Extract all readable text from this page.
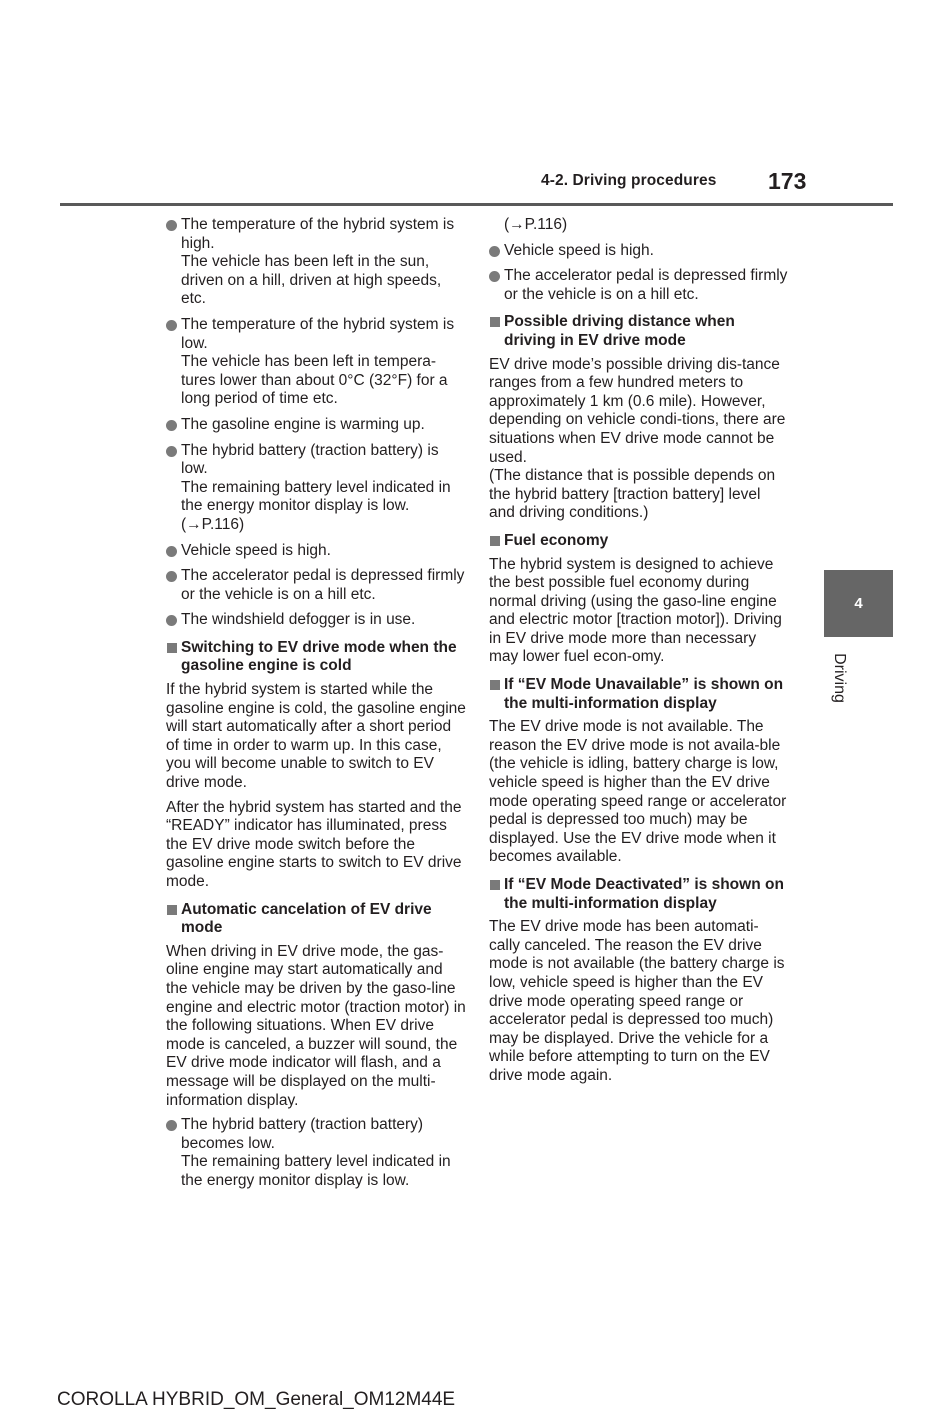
4-2. Driving procedures 173

The temperature of the hybrid system is high.

The vehicle has been left in the sun, driven on a hill, driven at high speeds, etc.

The temperature of the hybrid system is low.

The vehicle has been left in tempera-tures lower than about 0°C (32°F) for a long period of time etc.

The gasoline engine is warming up.

The hybrid battery (traction battery) is low.

The remaining battery level indicated in the energy monitor display is low. (→P.116)

Vehicle speed is high.

The accelerator pedal is depressed firmly or the vehicle is on a hill etc.

The windshield defogger is in use.

Switching to EV drive mode when the gasoline engine is cold

If the hybrid system is started while the gasoline engine is cold, the gasoline engine will start automatically after a short period of time in order to warm up. In this case, you will become unable to switch to EV drive mode.

After the hybrid system has started and the “READY” indicator has illuminated, press the EV drive mode switch before the gasoline engine starts to switch to EV drive mode.

Automatic cancelation of EV drive mode

When driving in EV drive mode, the gas-oline engine may start automatically and the vehicle may be driven by the gaso-line engine and electric motor (traction motor) in the following situations. When EV drive mode is canceled, a buzzer will sound, the EV drive mode indicator will flash, and a message will be displayed on the multi-information display.

The hybrid battery (traction battery) becomes low.

The remaining battery level indicated in the energy monitor display is low.

(→P.116)

Vehicle speed is high.

The accelerator pedal is depressed firmly or the vehicle is on a hill etc.

Possible driving distance when driving in EV drive mode

EV drive mode’s possible driving dis-tance ranges from a few hundred meters to approximately 1 km (0.6 mile). However, depending on vehicle condi-tions, there are situations when EV drive mode cannot be used.
(The distance that is possible depends on the hybrid battery [traction battery] level and driving conditions.)

Fuel economy

The hybrid system is designed to achieve the best possible fuel economy during normal driving (using the gaso-line engine and electric motor [traction motor]). Driving in EV drive mode more than necessary may lower fuel econ-omy.

If “EV Mode Unavailable” is shown on the multi-information display

The EV drive mode is not available. The reason the EV drive mode is not availa-ble (the vehicle is idling, battery charge is low, vehicle speed is higher than the EV drive mode operating speed range or accelerator pedal is depressed too much) may be displayed. Use the EV drive mode when it becomes available.

If “EV Mode Deactivated” is shown on the multi-information display

The EV drive mode has been automati-cally canceled. The reason the EV drive mode is not available (the battery charge is low, vehicle speed is higher than the EV drive mode operating speed range or accelerator pedal is depressed too much) may be displayed. Drive the vehicle for a while before attempting to turn on the EV drive mode again.

4
Driving
COROLLA HYBRID_OM_General_OM12M44E
